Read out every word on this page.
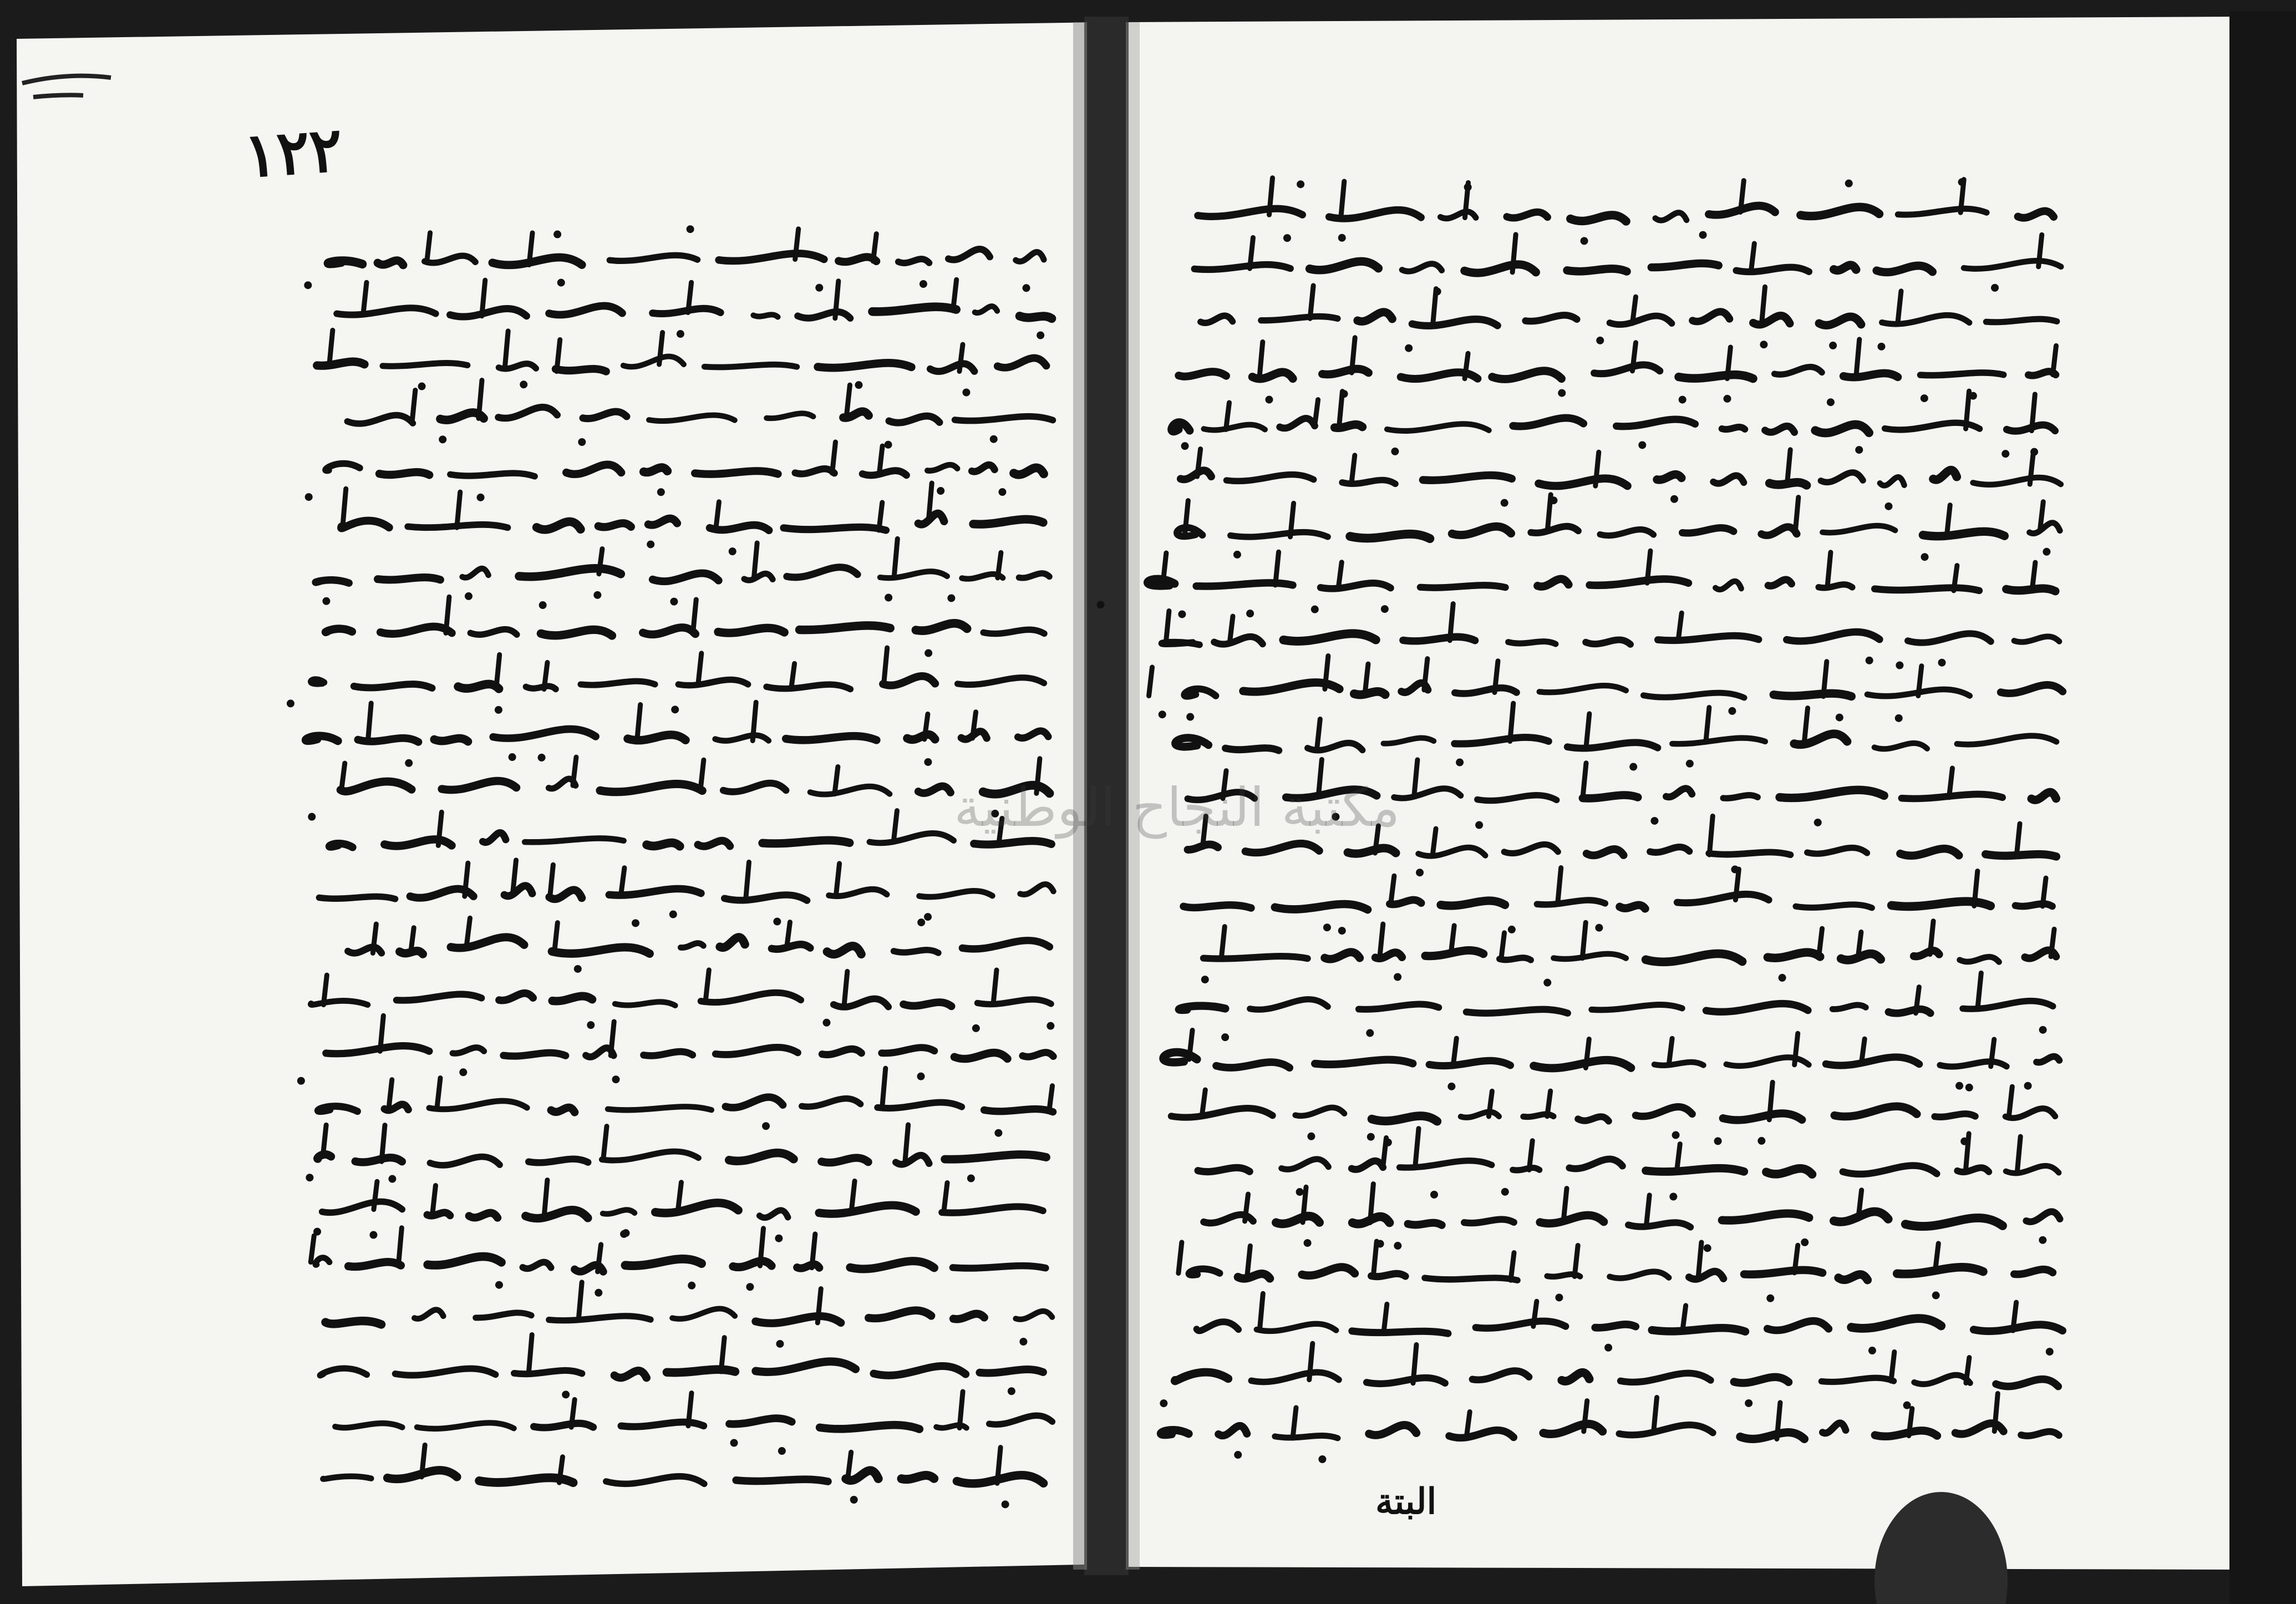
١٢٢
البتة
مكتبة النجاح الوطنية
